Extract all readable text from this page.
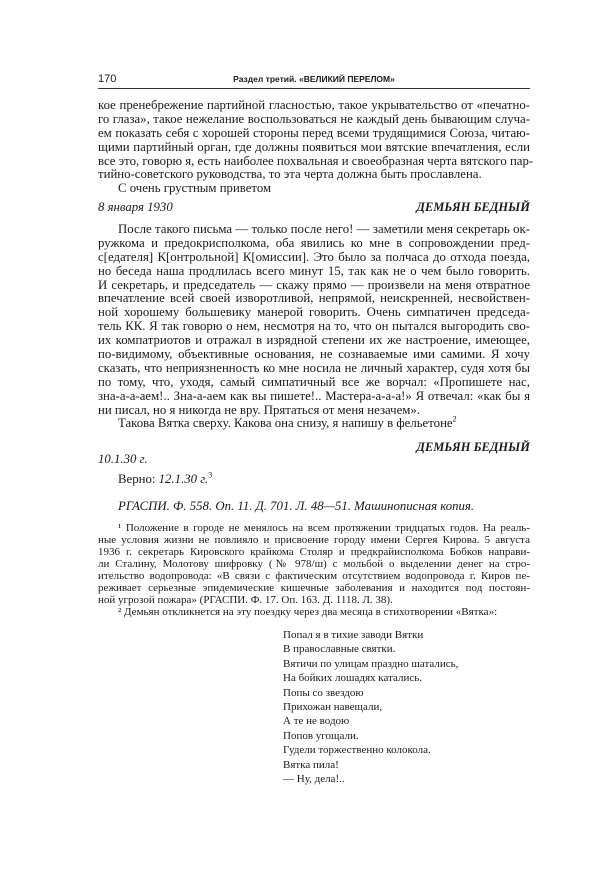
170	Раздел третий. «ВЕЛИКИЙ ПЕРЕЛОМ»
кое пренебрежение партийной гласностью, такое укрывательство от «печатно-
го глаза», такое нежелание воспользоваться не каждый день бывающим случа-
ем показать себя с хорошей стороны перед всеми трудящимися Союза, читаю-
щими партийный орган, где должны появиться мои вятские впечатления, если
все это, говорю я, есть наиболее похвальная и своеобразная черта вятского пар-
тийно-советского руководства, то эта черта должна быть прославлена.
С очень грустным приветом
8 января 1930	ДЕМЬЯН БЕДНЫЙ
После такого письма — только после него! — заметили меня секретарь ок-
ружкома и предокрисполкома, оба явились ко мне в сопровождении пред-
с[едателя] К[онтрольной] К[омиссии]. Это было за полчаса до отхода поезда,
но беседа наша продлилась всего минут 15, так как не о чем было говорить.
И секретарь, и председатель — скажу прямо — произвели на меня отвратное
впечатление всей своей изворотливой, непрямой, неискренней, несвойствен-
ной хорошему большевику манерой говорить. Очень симпатичен председа-
тель КК. Я так говорю о нем, несмотря на то, что он пытался выгородить сво-
их компатриотов и отражал в изрядной степени их же настроение, имеющее,
по-видимому, объективные основания, не сознаваемые ими самими. Я хочу
сказать, что неприязненность ко мне носила не личный характер, судя хотя бы
по тому, что, уходя, самый симпатичный все же ворчал: «Пропишете нас,
зна-а-а-аем!.. Зна-а-аем как вы пишете!.. Мастера-а-а-а!» Я отвечал: «как бы я
ни писал, но я никогда не вру. Прятаться от меня незачем».
Такова Вятка сверху. Какова она снизу, я напишу в фельетоне$^2$
ДЕМЬЯН БЕДНЫЙ
10.1.30 г.
Верно: 12.1.30 г.$^3$
РГАСПИ. Ф. 558. Оп. 11. Д. 701. Л. 48—51. Машинописная копия.
¹ Положение в городе не менялось на всем протяжении тридцатых годов. На реаль-
ные условия жизни не повлияло и присвоение городу имени Сергея Кирова. 5 августа
1936 г. секретарь Кировского крайкома Столяр и предкрайисполкома Бобков направи-
ли Сталину, Молотову шифровку (№ 978/ш) с мольбой о выделении денег на стро-
ительство водопровода: «В связи с фактическим отсутствием водопровода г. Киров пе-
реживает серьезные эпидемические кишечные заболевания и находится под постоян-
ной угрозой пожара» (РГАСПИ. Ф. 17. Оп. 163. Д. 1118. Л. 38).
² Демьян откликнется на эту поездку через два месяца в стихотворении «Вятка»:
Попал я в тихие заводи Вятки
В православные святки.
Вятичи по улицам праздно шатались,
На бойких лошадях катались.
Попы со звездою
Прихожан навещали,
А те не водою
Попов угощали.
Гудели торжественно колокола.
Вятка пила!
— Ну, дела!..
